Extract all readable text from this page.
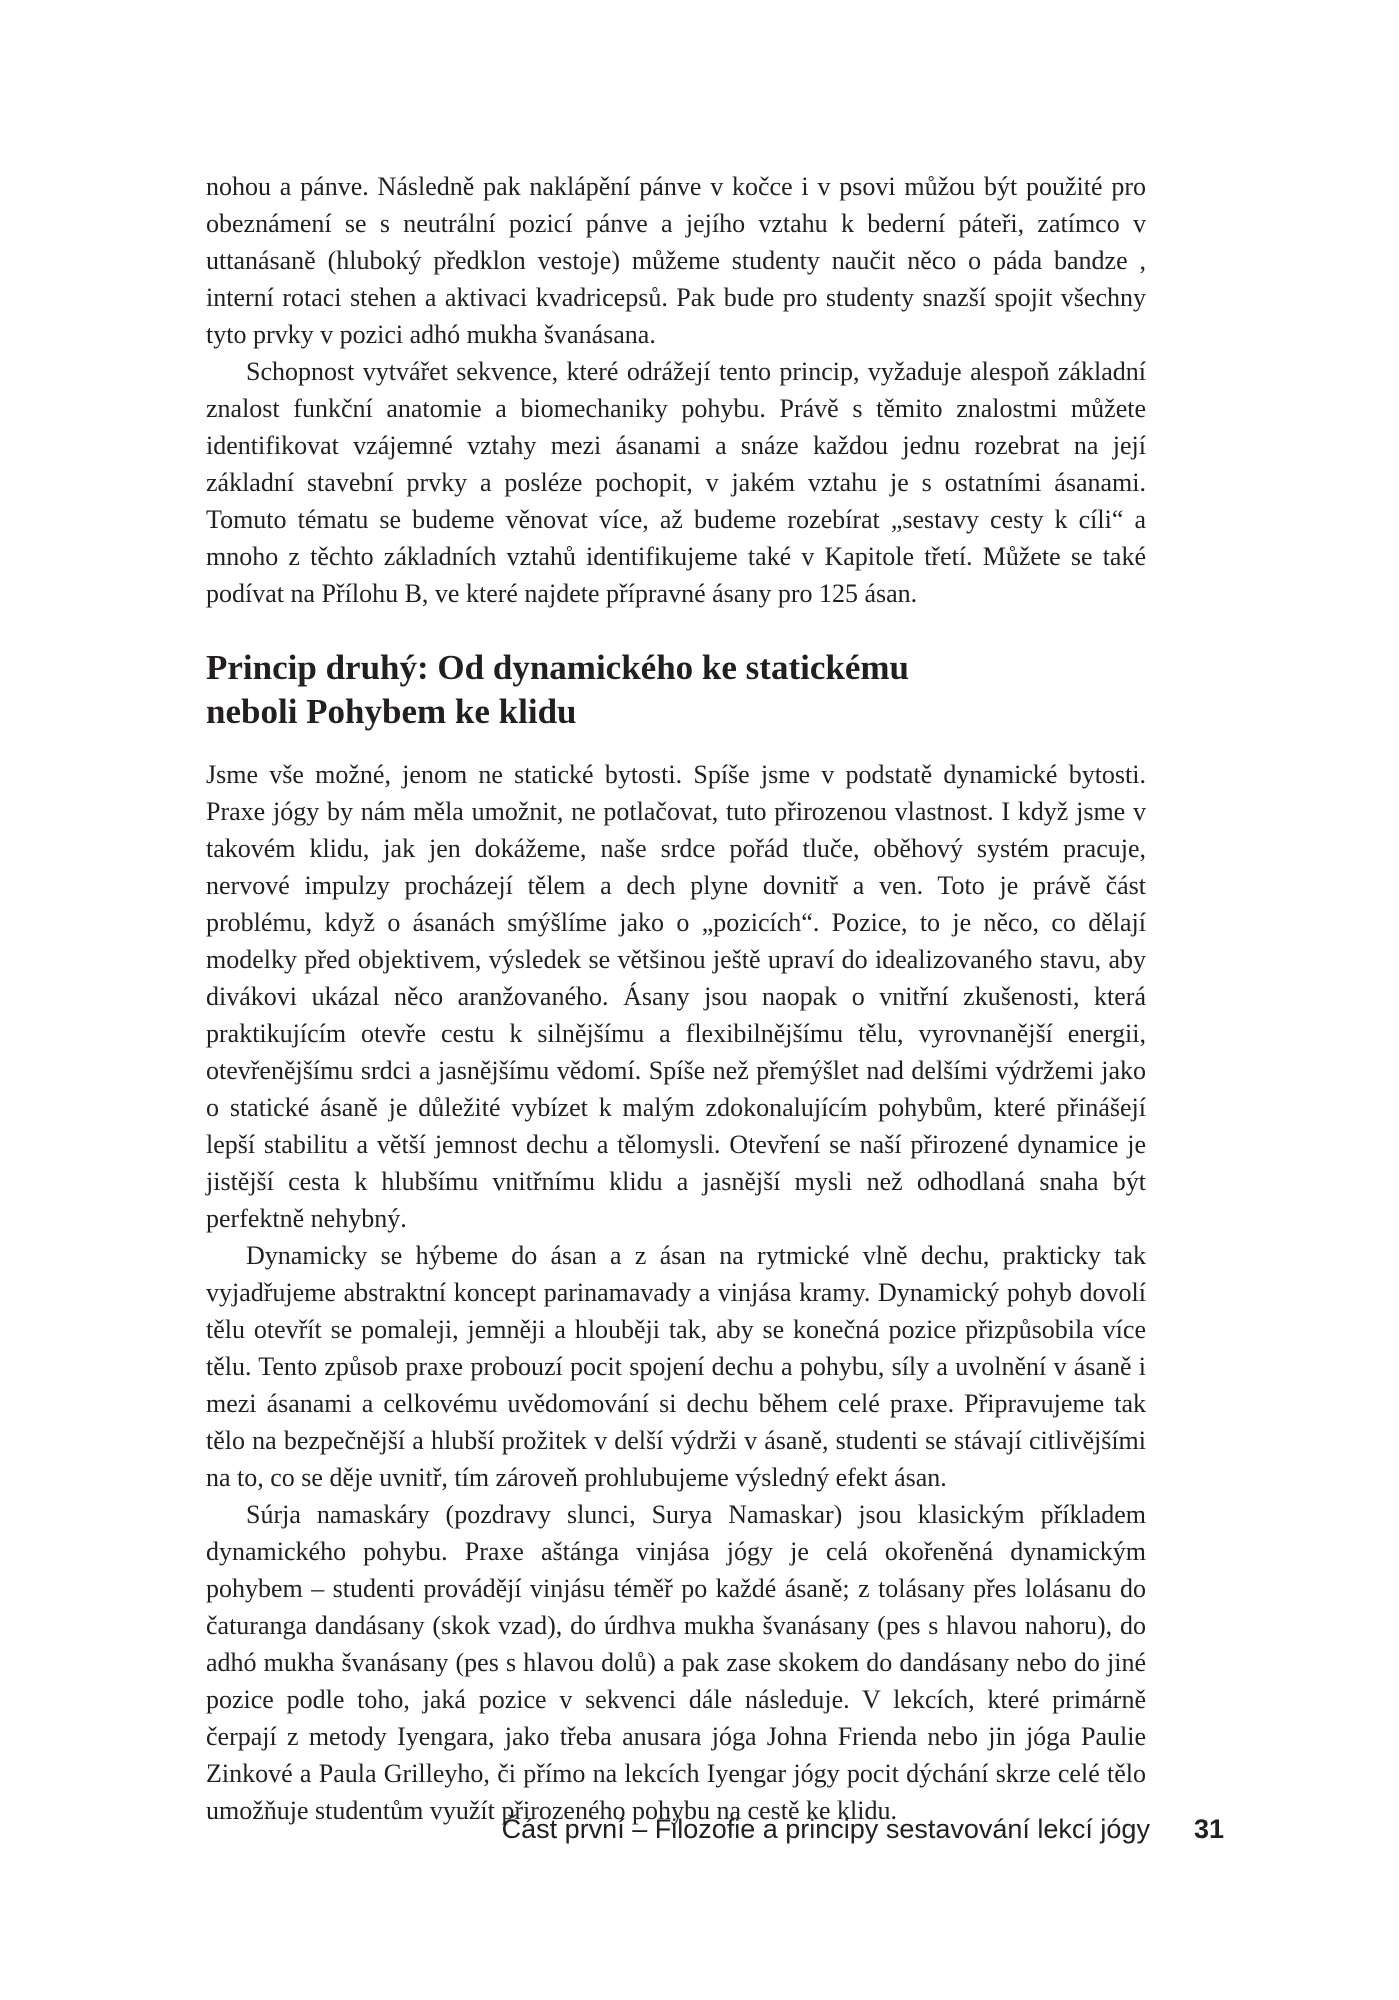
nohou a pánve. Následně pak naklápění pánve v kočce i v psovi můžou být použité pro obeznámení se s neutrální pozicí pánve a jejího vztahu k bederní páteři, zatímco v uttanásaně (hluboký předklon vestoje) můžeme studenty naučit něco o páda bandze , interní rotaci stehen a aktivaci kvadricepsů. Pak bude pro studenty snazší spojit všechny tyto prvky v pozici adhó mukha švanásana.

Schopnost vytvářet sekvence, které odrážejí tento princip, vyžaduje alespoň základní znalost funkční anatomie a biomechaniky pohybu. Právě s těmito znalostmi můžete identifikovat vzájemné vztahy mezi ásanami a snáze každou jednu rozebrat na její základní stavební prvky a posléze pochopit, v jakém vztahu je s ostatními ásanami. Tomuto tématu se budeme věnovat více, až budeme rozebírat „sestavy cesty k cíli“ a mnoho z těchto základních vztahů identifikujeme také v Kapitole třetí. Můžete se také podívat na Přílohu B, ve které najdete přípravné ásany pro 125 ásan.

Princip druhý: Od dynamického ke statickému
neboli Pohybem ke klidu

Jsme vše možné, jenom ne statické bytosti. Spíše jsme v podstatě dynamické bytosti. Praxe jógy by nám měla umožnit, ne potlačovat, tuto přirozenou vlastnost. I když jsme v takovém klidu, jak jen dokážeme, naše srdce pořád tluče, oběhový systém pracuje, nervové impulzy procházejí tělem a dech plyne dovnitř a ven. Toto je právě část problému, když o ásanách smýšlíme jako o „pozicích“. Pozice, to je něco, co dělají modelky před objektivem, výsledek se většinou ještě upraví do idealizovaného stavu, aby divákovi ukázal něco aranžovaného. Ásany jsou naopak o vnitřní zkušenosti, která praktikujícím otevře cestu k silnějšímu a flexibilnějšímu tělu, vyrovnanější energii, otevřenějšímu srdci a jasnějšímu vědomí. Spíše než přemýšlet nad delšími výdržemi jako o statické ásaně je důležité vybízet k malým zdokonalujícím pohybům, které přinášejí lepší stabilitu a větší jemnost dechu a tělomysli. Otevření se naší přirozené dynamice je jistější cesta k hlubšímu vnitřnímu klidu a jasnější mysli než odhodlaná snaha být perfektně nehybný.

Dynamicky se hýbeme do ásan a z ásan na rytmické vlně dechu, prakticky tak vyjadřujeme abstraktní koncept parinamavady a vinjása kramy. Dynamický pohyb dovolí tělu otevřít se pomaleji, jemněji a hlouběji tak, aby se konečná pozice přizpůsobila více tělu. Tento způsob praxe probouzí pocit spojení dechu a pohybu, síly a uvolnění v ásaně i mezi ásanami a celkovému uvědomování si dechu během celé praxe. Připravujeme tak tělo na bezpečnější a hlubší prožitek v delší výdrži v ásaně, studenti se stávají citlivějšími na to, co se děje uvnitř, tím zároveň prohlubujeme výsledný efekt ásan.

Súrja namaskáry (pozdravy slunci, Surya Namaskar) jsou klasickým příkladem dynamického pohybu. Praxe aštánga vinjása jógy je celá okořeněná dynamickým pohybem – studenti provádějí vinjásu téměř po každé ásaně; z tolásany přes lolásanu do čaturanga dandásany (skok vzad), do úrdhva mukha švanásany (pes s hlavou nahoru), do adhó mukha švanásany (pes s hlavou dolů) a pak zase skokem do dandásany nebo do jiné pozice podle toho, jaká pozice v sekvenci dále následuje. V lekcích, které primárně čerpají z metody Iyengara, jako třeba anusara jóga Johna Frienda nebo jin jóga Paulie Zinkové a Paula Grilleyho, či přímo na lekcích Iyengar jógy pocit dýchání skrze celé tělo umožňuje studentům využít přirozeného pohybu na cestě ke klidu.

Část první – Filozofie a principy sestavování lekcí jógy 31
